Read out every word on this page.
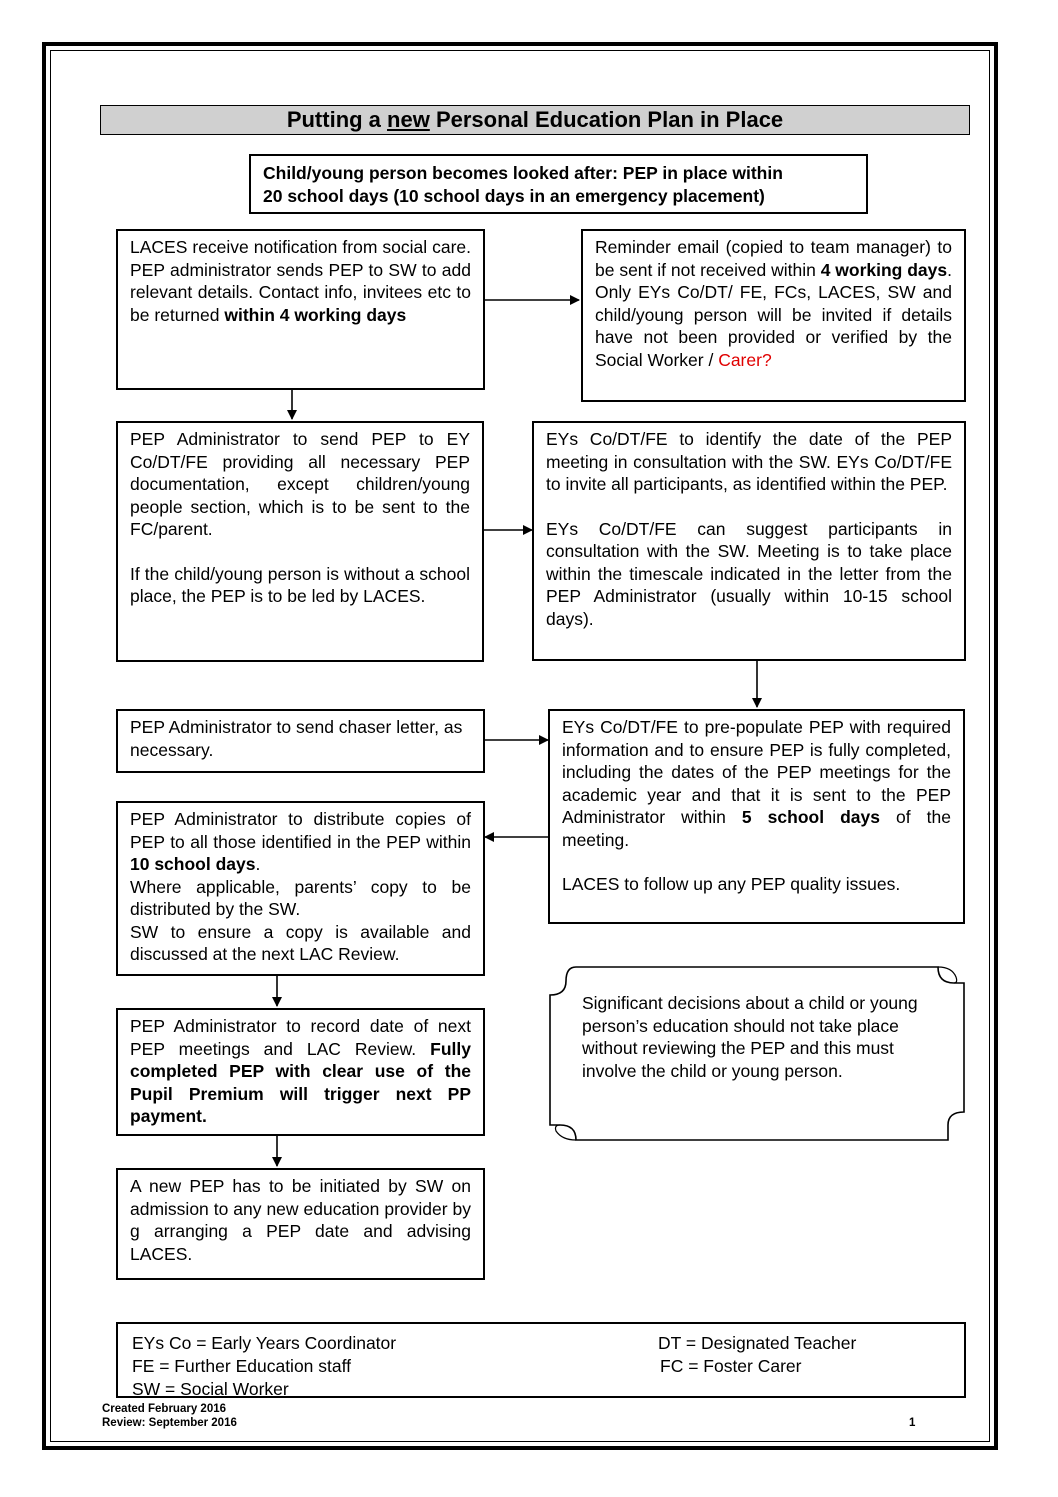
Putting a new Personal Education Plan in Place
Child/young person becomes looked after: PEP in place within
20 school days (10 school days in an emergency placement)
LACES receive notification from social care. PEP administrator sends PEP to SW to add relevant details. Contact info, invitees etc to be returned within 4 working days
Reminder email (copied to team manager) to be sent if not received within 4 working days.
Only EYs Co/DT/ FE, FCs, LACES, SW and child/young person will be invited if details have not been provided or verified by the Social Worker / Carer?

PEP Administrator to send PEP to EY Co/DT/FE providing all necessary PEP documentation, except children/young people section, which is to be sent to the FC/parent.

If the child/young person is without a school place, the PEP is to be led by LACES.

EYs Co/DT/FE to identify the date of the PEP meeting in consultation with the SW. EYs Co/DT/FE to invite all participants, as identified within the PEP.

EYs Co/DT/FE can suggest participants in consultation with the SW. Meeting is to take place within the timescale indicated in the letter from the PEP Administrator (usually within 10-15 school days).

PEP Administrator to send chaser letter, as necessary.

EYs Co/DT/FE to pre-populate PEP with required information and to ensure PEP is fully completed, including the dates of the PEP meetings for the academic year and that it is sent to the PEP Administrator within 5 school days of the meeting.

LACES to follow up any PEP quality issues.

PEP Administrator to distribute copies of PEP to all those identified in the PEP within 10 school days.
Where applicable, parents’ copy to be distributed by the SW.
SW to ensure a copy is available and discussed at the next LAC Review.
PEP Administrator to record date of next PEP meetings and LAC Review. Fully completed PEP with clear use of the Pupil Premium will trigger next PP payment.
A new PEP has to be initiated by SW on admission to any new education provider by g arranging a PEP date and advising LACES.
Significant decisions about a child or young person’s education should not take place without reviewing the PEP and this must involve the child or young person.
EYs Co = Early Years Coordinator	DT = Designated Teacher
FE = Further Education staff	FC = Foster Carer
SW = Social Worker
Created February 2016
Review: September 2016	1
